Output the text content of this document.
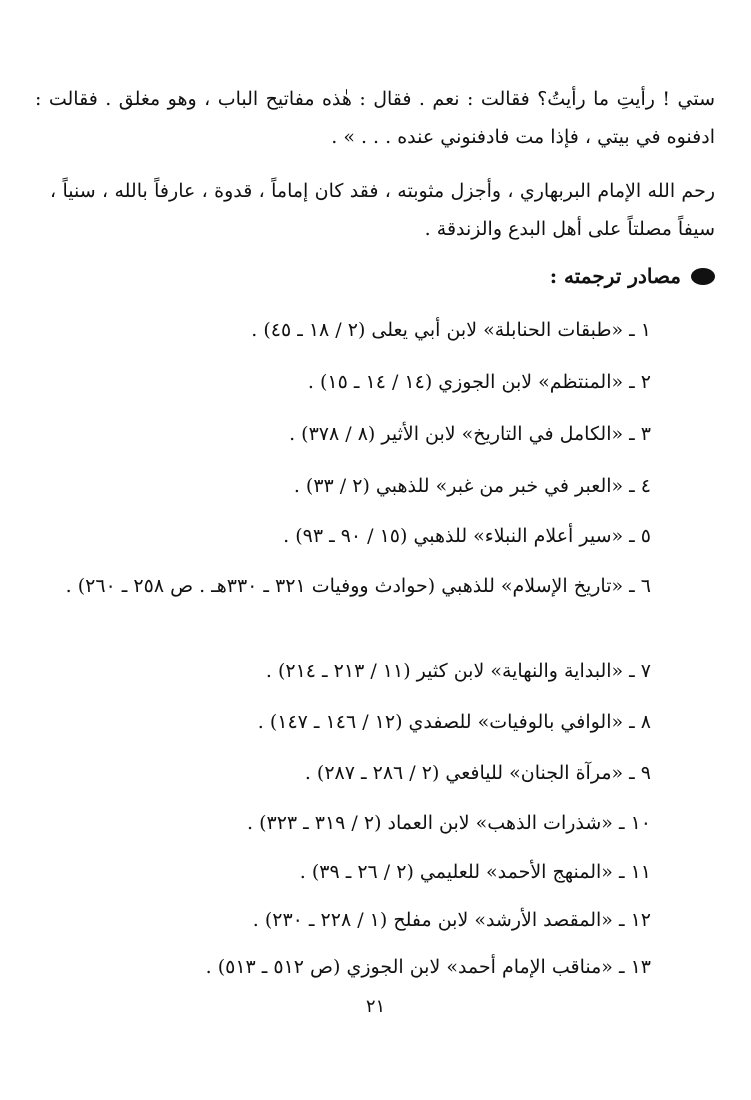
ستي ! رأيتِ ما رأيتُ؟ فقالت : نعم . فقال : هٰذه مفاتيح الباب ، وهو مغلق . فقالت : ادفنوه في بيتي ، فإذا مت فادفنوني عنده . . . » .

رحم الله الإمام البربهاري ، وأجزل مثوبته ، فقد كان إماماً ، قدوة ، عارفاً بالله ، سنياً ، سيفاً مصلتاً على أهل البدع والزندقة .

مصادر ترجمته :
١ ـ «طبقات الحنابلة» لابن أبي يعلى (٢ / ١٨ ـ ٤٥) .
٢ ـ «المنتظم» لابن الجوزي (١٤ / ١٤ ـ ١٥) .
٣ ـ «الكامل في التاريخ» لابن الأثير (٨ / ٣٧٨) .
٤ ـ «العبر في خبر من غبر» للذهبي (٢ / ٣٣) .
٥ ـ «سير أعلام النبلاء» للذهبي (١٥ / ٩٠ ـ ٩٣) .
٦ ـ «تاريخ الإسلام» للذهبي (حوادث ووفيات ٣٢١ ـ ٣٣٠هـ . ص ٢٥٨ ـ ٢٦٠) .
٧ ـ «البداية والنهاية» لابن كثير (١١ / ٢١٣ ـ ٢١٤) .
٨ ـ «الوافي بالوفيات» للصفدي (١٢ / ١٤٦ ـ ١٤٧) .
٩ ـ «مرآة الجنان» لليافعي (٢ / ٢٨٦ ـ ٢٨٧) .
١٠ ـ «شذرات الذهب» لابن العماد (٢ / ٣١٩ ـ ٣٢٣) .
١١ ـ «المنهج الأحمد» للعليمي (٢ / ٢٦ ـ ٣٩) .
١٢ ـ «المقصد الأرشد» لابن مفلح (١ / ٢٢٨ ـ ٢٣٠) .
١٣ ـ «مناقب الإمام أحمد» لابن الجوزي (ص ٥١٢ ـ ٥١٣) .
٢١
